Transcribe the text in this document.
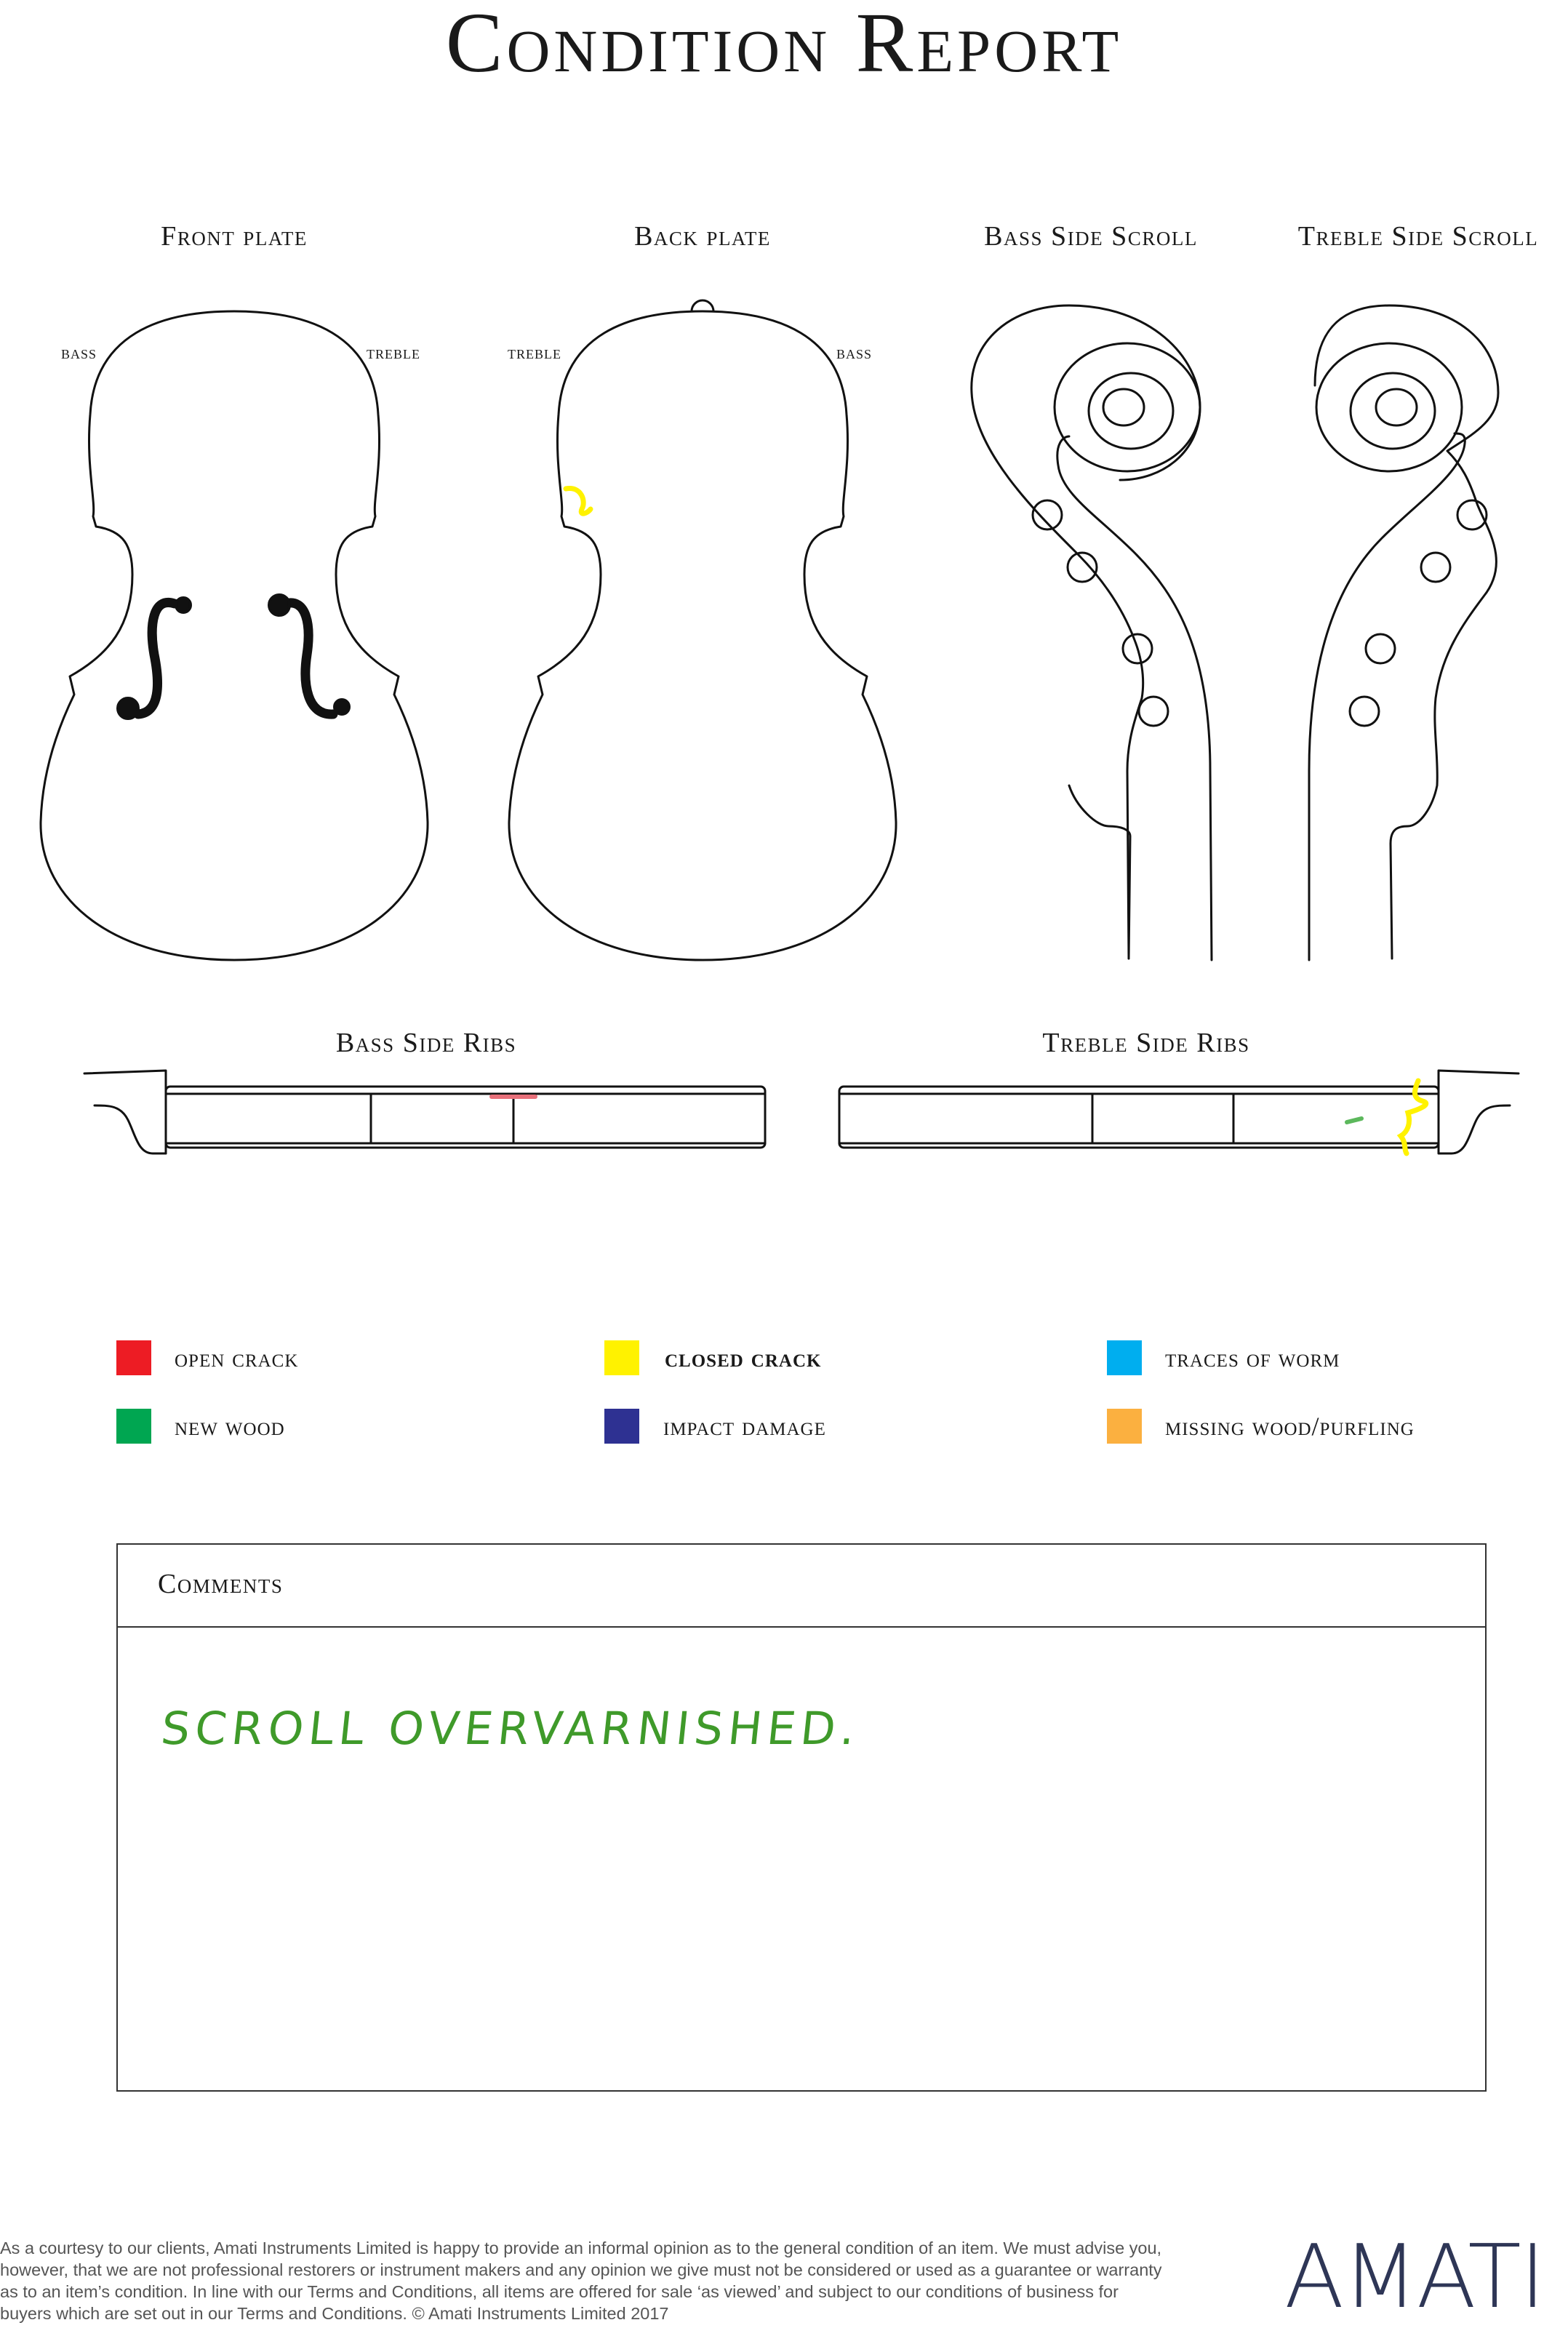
Condition Report
Front plate	Back plate	Bass Side Scroll	Treble Side Scroll
Bass Side Ribs	Treble Side Ribs
bass	treble	treble	bass
open crack	closed crack	traces of worm
new wood	impact damage	missing wood/purfling
Comments
SCROLL OVERVARNISHED.
As a courtesy to our clients, Amati Instruments Limited is happy to provide an informal opinion as to the general condition of an item. We must advise you, however, that we are not professional restorers or instrument makers and any opinion we give must not be considered or used as a guarantee or warranty as to an item’s condition. In line with our Terms and Conditions, all items are offered for sale ‘as viewed’ and subject to our conditions of business for buyers which are set out in our Terms and Conditions. © Amati Instruments Limited 2017	AMATI
